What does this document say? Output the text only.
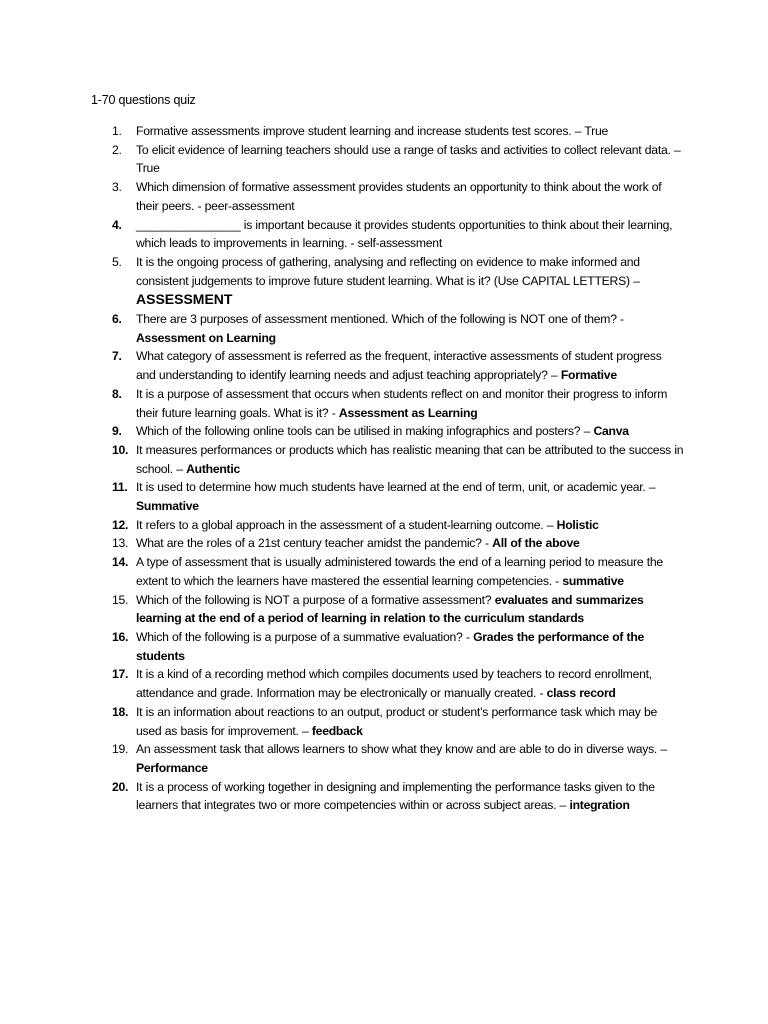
1-70 questions quiz
1. Formative assessments improve student learning and increase students test scores. – True
2. To elicit evidence of learning teachers should use a range of tasks and activities to collect relevant data. – True
3. Which dimension of formative assessment provides students an opportunity to think about the work of their peers. - peer-assessment
4. ________________ is important because it provides students opportunities to think about their learning, which leads to improvements in learning. - self-assessment
5. It is the ongoing process of gathering, analysing and reflecting on evidence to make informed and consistent judgements to improve future student learning. What is it? (Use CAPITAL LETTERS) – ASSESSMENT
6. There are 3 purposes of assessment mentioned. Which of the following is NOT one of them? - Assessment on Learning
7. What category of assessment is referred as the frequent, interactive assessments of student progress and understanding to identify learning needs and adjust teaching appropriately? – Formative
8. It is a purpose of assessment that occurs when students reflect on and monitor their progress to inform their future learning goals. What is it? - Assessment as Learning
9. Which of the following online tools can be utilised in making infographics and posters? – Canva
10. It measures performances or products which has realistic meaning that can be attributed to the success in school. – Authentic
11. It is used to determine how much students have learned at the end of term, unit, or academic year. – Summative
12. It refers to a global approach in the assessment of a student-learning outcome. – Holistic
13. What are the roles of a 21st century teacher amidst the pandemic? - All of the above
14. A type of assessment that is usually administered towards the end of a learning period to measure the extent to which the learners have mastered the essential learning competencies. - summative
15. Which of the following is NOT a purpose of a formative assessment? evaluates and summarizes learning at the end of a period of learning in relation to the curriculum standards
16. Which of the following is a purpose of a summative evaluation? - Grades the performance of the students
17. It is a kind of a recording method which compiles documents used by teachers to record enrollment, attendance and grade. Information may be electronically or manually created. - class record
18. It is an information about reactions to an output, product or student’s performance task which may be used as basis for improvement. – feedback
19. An assessment task that allows learners to show what they know and are able to do in diverse ways. – Performance
20. It is a process of working together in designing and implementing the performance tasks given to the learners that integrates two or more competencies within or across subject areas. – integration
